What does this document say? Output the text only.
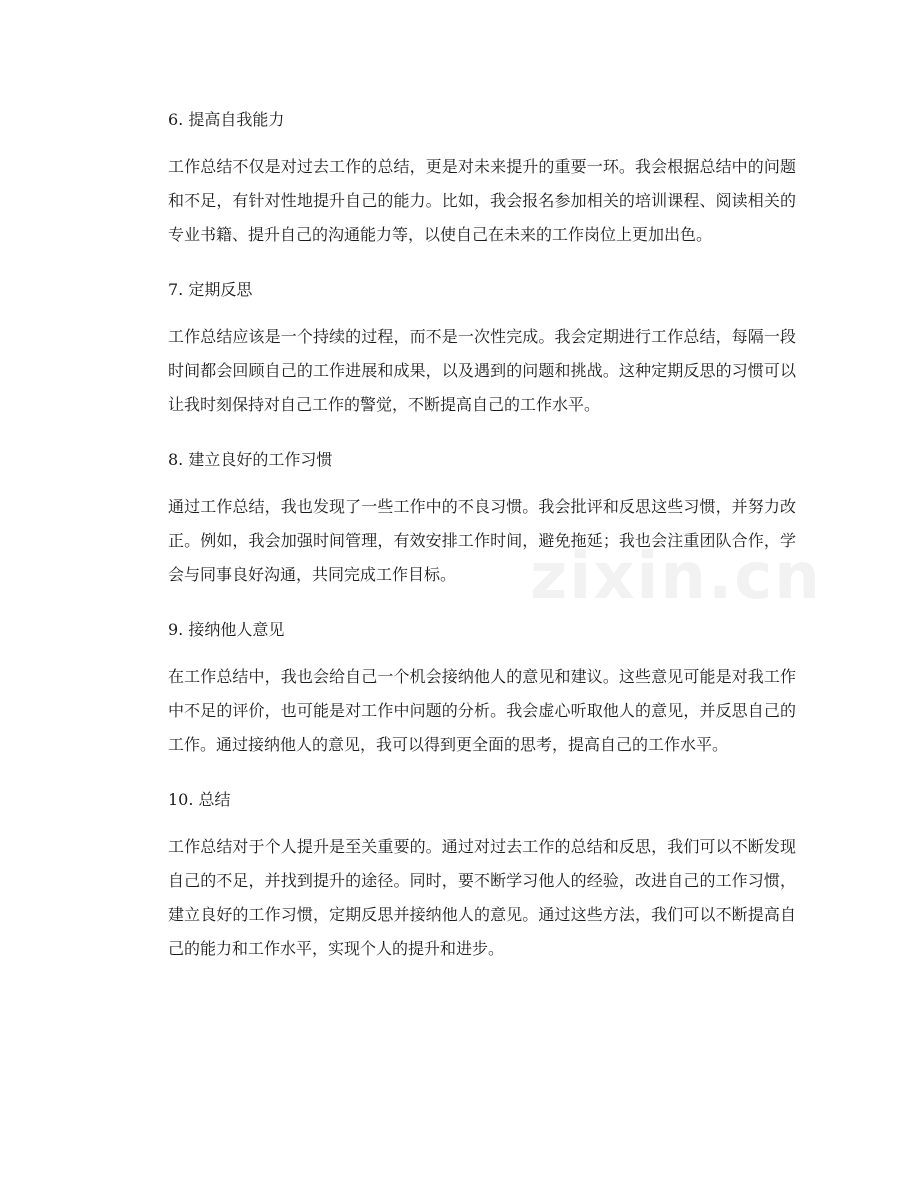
6. 提高自我能力

工作总结不仅是对过去工作的总结，更是对未来提升的重要一环。我会根据总结中的问题和不足，有针对性地提升自己的能力。比如，我会报名参加相关的培训课程、阅读相关的专业书籍、提升自己的沟通能力等，以使自己在未来的工作岗位上更加出色。

7. 定期反思

工作总结应该是一个持续的过程，而不是一次性完成。我会定期进行工作总结，每隔一段时间都会回顾自己的工作进展和成果，以及遇到的问题和挑战。这种定期反思的习惯可以让我时刻保持对自己工作的警觉，不断提高自己的工作水平。

8. 建立良好的工作习惯

通过工作总结，我也发现了一些工作中的不良习惯。我会批评和反思这些习惯，并努力改正。例如，我会加强时间管理，有效安排工作时间，避免拖延；我也会注重团队合作，学会与同事良好沟通，共同完成工作目标。

9. 接纳他人意见

在工作总结中，我也会给自己一个机会接纳他人的意见和建议。这些意见可能是对我工作中不足的评价，也可能是对工作中问题的分析。我会虚心听取他人的意见，并反思自己的工作。通过接纳他人的意见，我可以得到更全面的思考，提高自己的工作水平。

10. 总结

工作总结对于个人提升是至关重要的。通过对过去工作的总结和反思，我们可以不断发现自己的不足，并找到提升的途径。同时，要不断学习他人的经验，改进自己的工作习惯，建立良好的工作习惯，定期反思并接纳他人的意见。通过这些方法，我们可以不断提高自己的能力和工作水平，实现个人的提升和进步。

zixin.cn
